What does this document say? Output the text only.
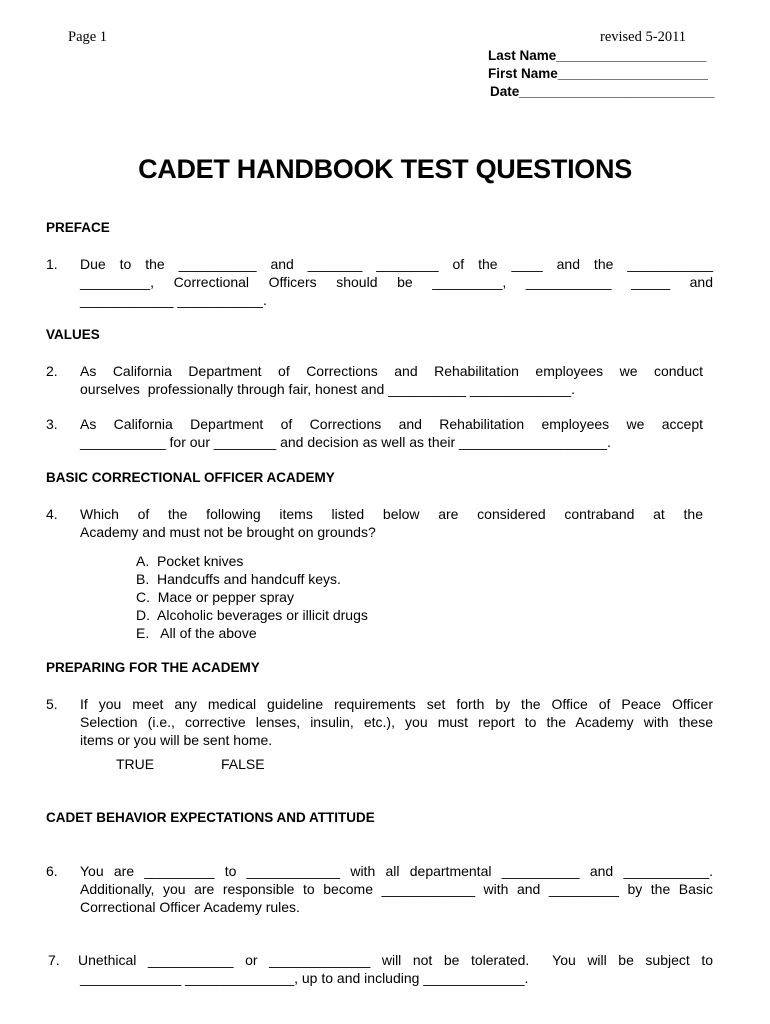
Page 1	revised 5-2011
Last Name____________________
First Name____________________
Date__________________________
CADET HANDBOOK TEST QUESTIONS
PREFACE
1. Due to the __________ and _______ ________ of the ____ and the ___________
_________, Correctional Officers should be _________, ___________ _____ and
____________ ___________.
VALUES
2. As California Department of Corrections and Rehabilitation employees we conduct
ourselves  professionally through fair, honest and __________ _____________.
3. As California Department of Corrections and Rehabilitation employees we accept
___________ for our ________ and decision as well as their ___________________.
BASIC CORRECTIONAL OFFICER ACADEMY
4. Which of the following items listed below are considered contraband at the
Academy and must not be brought on grounds?
A.  Pocket knives
B.  Handcuffs and handcuff keys.
C.  Mace or pepper spray
D.  Alcoholic beverages or illicit drugs
E.   All of the above
PREPARING FOR THE ACADEMY
5. If you meet any medical guideline requirements set forth by the Office of Peace Officer
Selection (i.e., corrective lenses, insulin, etc.), you must report to the Academy with these
items or you will be sent home.
TRUE	FALSE
CADET BEHAVIOR EXPECTATIONS AND ATTITUDE
6. You are _________ to ____________ with all departmental __________ and ___________.
Additionally, you are responsible to become ____________ with and _________ by the Basic
Correctional Officer Academy rules.
7. Unethical ___________ or _____________ will not be tolerated.  You will be subject to
_____________ ______________, up to and including _____________.
